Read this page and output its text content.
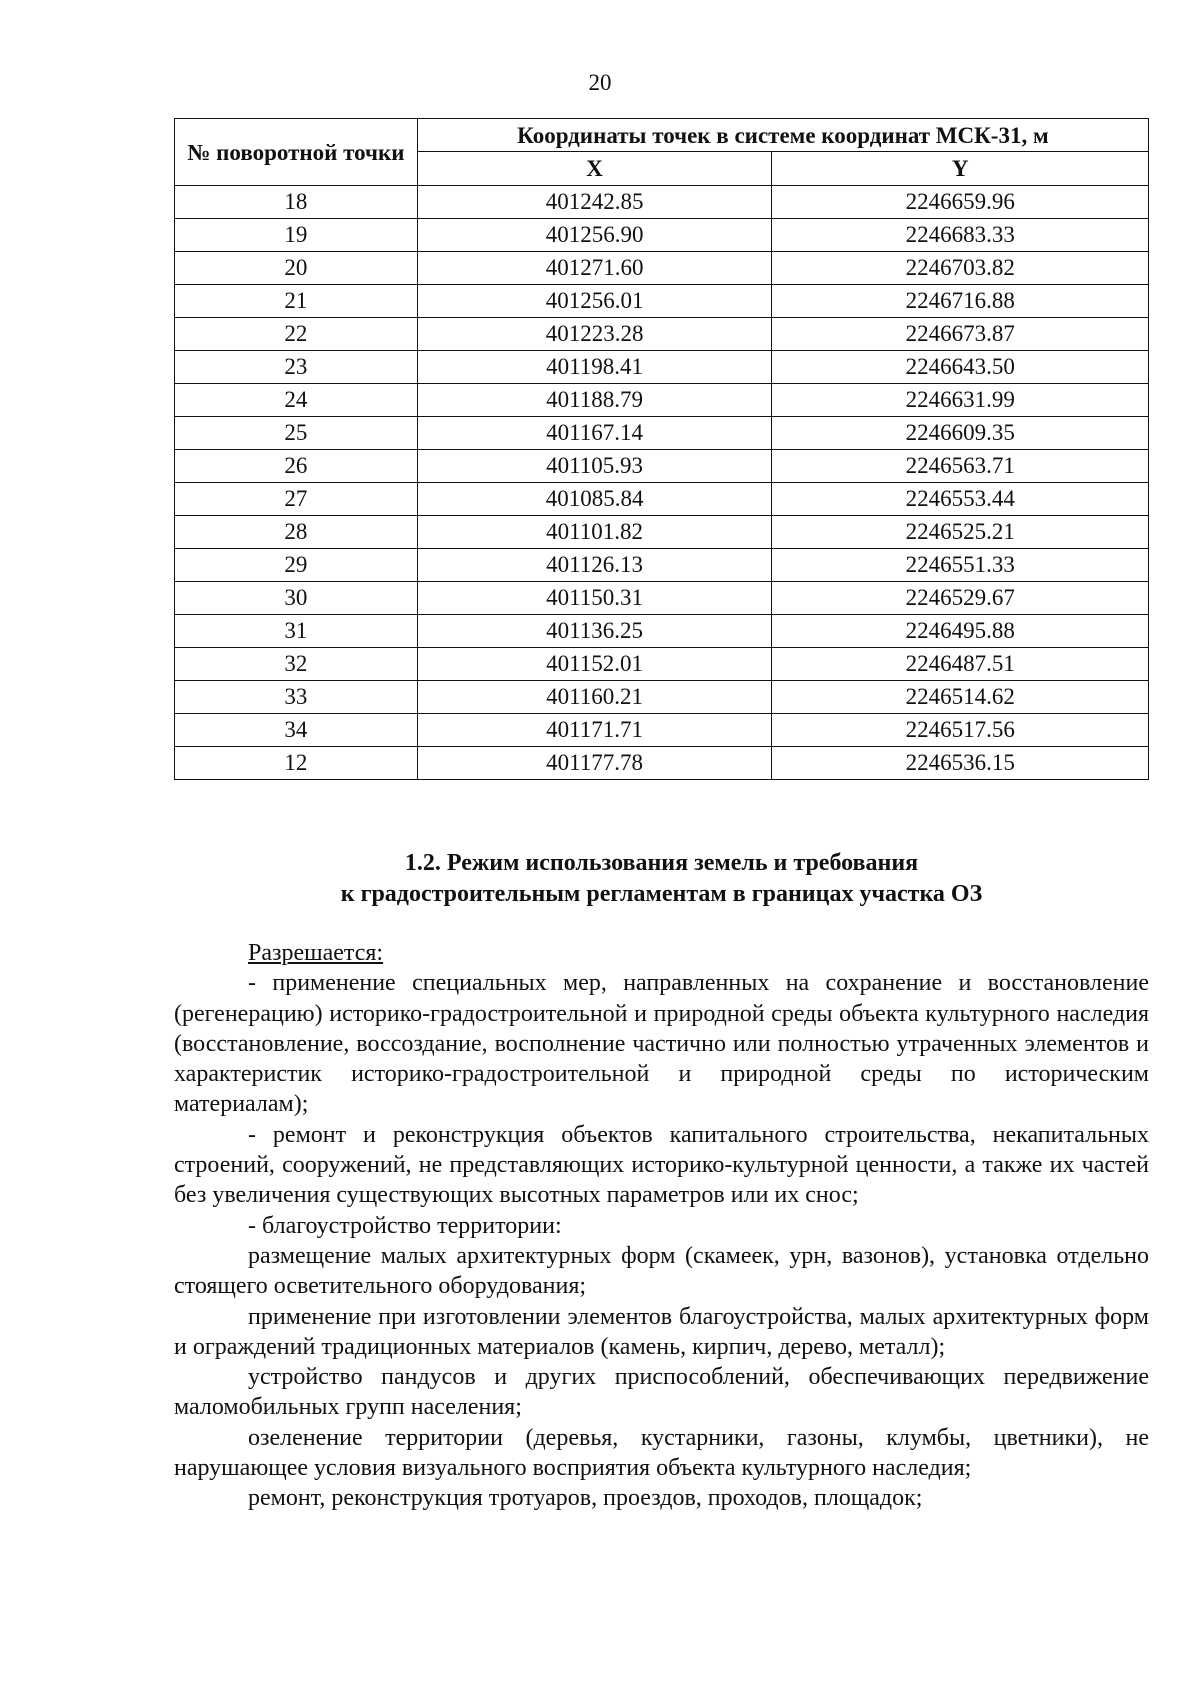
20
№ поворотной точки	Координаты точек в системе координат МСК-31, м	
	X	Y
18	401242.85	2246659.96
19	401256.90	2246683.33
20	401271.60	2246703.82
21	401256.01	2246716.88
22	401223.28	2246673.87
23	401198.41	2246643.50
24	401188.79	2246631.99
25	401167.14	2246609.35
26	401105.93	2246563.71
27	401085.84	2246553.44
28	401101.82	2246525.21
29	401126.13	2246551.33
30	401150.31	2246529.67
31	401136.25	2246495.88
32	401152.01	2246487.51
33	401160.21	2246514.62
34	401171.71	2246517.56
12	401177.78	2246536.15
1.2. Режим использования земель и требования
к градостроительным регламентам в границах участка ОЗ

Разрешается:

- применение специальных мер, направленных на сохранение и восстановление (регенерацию) историко-градостроительной и природной среды объекта культурного наследия (восстановление, воссоздание, восполнение частично или полностью утраченных элементов и характеристик историко-градостроительной и природной среды по историческим материалам);

- ремонт и реконструкция объектов капитального строительства, некапитальных строений, сооружений, не представляющих историко-культурной ценности, а также их частей без увеличения существующих высотных параметров или их снос;

- благоустройство территории:

размещение малых архитектурных форм (скамеек, урн, вазонов), установка отдельно стоящего осветительного оборудования;

применение при изготовлении элементов благоустройства, малых архитектурных форм и ограждений традиционных материалов (камень, кирпич, дерево, металл);

устройство пандусов и других приспособлений, обеспечивающих передвижение маломобильных групп населения;

озеленение территории (деревья, кустарники, газоны, клумбы, цветники), не нарушающее условия визуального восприятия объекта культурного наследия;

ремонт, реконструкция тротуаров, проездов, проходов, площадок;
